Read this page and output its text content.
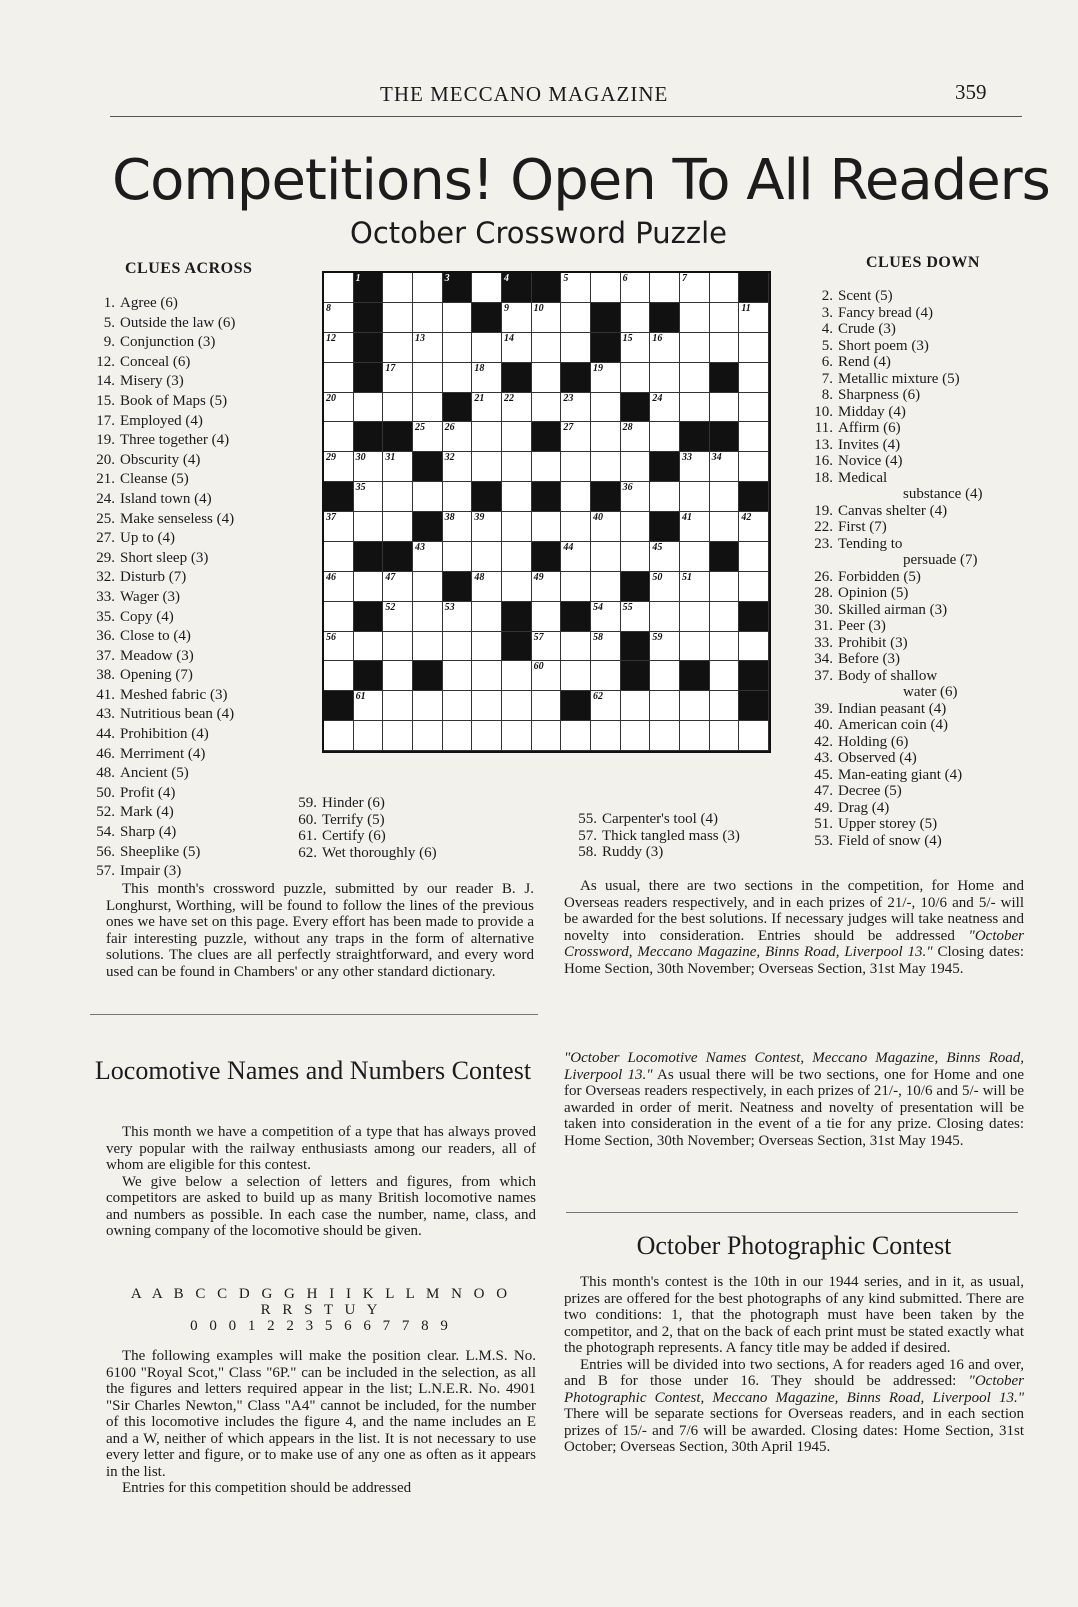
THE MECCANO MAGAZINE	359
Competitions! Open To All Readers
October Crossword Puzzle
CLUES ACROSS	CLUES DOWN
1. Agree (6)
5. Outside the law (6)
9. Conjunction (3)
12. Conceal (6)
14. Misery (3)
15. Book of Maps (5)
17. Employed (4)
19. Three together (4)
20. Obscurity (4)
21. Cleanse (5)
24. Island town (4)
25. Make senseless (4)
27. Up to (4)
29. Short sleep (3)
32. Disturb (7)
33. Wager (3)
35. Copy (4)
36. Close to (4)
37. Meadow (3)
38. Opening (7)
41. Meshed fabric (3)
43. Nutritious bean (4)
44. Prohibition (4)
46. Merriment (4)
48. Ancient (5)
50. Profit (4)
52. Mark (4)
54. Sharp (4)
56. Sheeplike (5)
57. Impair (3)
59. Hinder (6)
60. Terrify (5)
61. Certify (6)
62. Wet thoroughly (6)
55. Carpenter's tool (4)
57. Thick tangled mass (3)
58. Ruddy (3)
2. Scent (5)
3. Fancy bread (4)
4. Crude (3)
5. Short poem (3)
6. Rend (4)
7. Metallic mixture (5)
8. Sharpness (6)
10. Midday (4)
11. Affirm (6)
13. Invites (4)
16. Novice (4)
18. Medical
substance (4)
19. Canvas shelter (4)
22. First (7)
23. Tending to
persuade (7)
26. Forbidden (5)
28. Opinion (5)
30. Skilled airman (3)
31. Peer (3)
33. Prohibit (3)
34. Before (3)
37. Body of shallow
water (6)
39. Indian peasant (4)
40. American coin (4)
42. Holding (6)
43. Observed (4)
45. Man-eating giant (4)
47. Decree (5)
49. Drag (4)
51. Upper storey (5)
53. Field of snow (4)
1	3	4	5	6	7
8	9 10	11
12	13	14	15 16
17	18	19
20	21 22	23	24
25 26	27	28
29 30 31	32	33 34
35	36
37	38 39	40	41	42
43	44	45
46	47	48	49	50 51
52	53	54 55
56	57	58	59
60
61	62

This month's crossword puzzle, submitted by our reader B. J. Longhurst, Worthing, will be found to follow the lines of the previous ones we have set on this page. Every effort has been made to provide a fair interesting puzzle, without any traps in the form of alternative solutions. The clues are all perfectly straightforward, and every word used can be found in Chambers' or any other standard dictionary.

As usual, there are two sections in the competition, for Home and Overseas readers respectively, and in each prizes of 21/-, 10/6 and 5/- will be awarded for the best solutions. If necessary judges will take neatness and novelty into consideration. Entries should be addressed "October Crossword, Meccano Magazine, Binns Road, Liverpool 13." Closing dates: Home Section, 30th November; Overseas Section, 31st May 1945.

Locomotive Names and Numbers Contest

This month we have a competition of a type that has always proved very popular with the railway enthusiasts among our readers, all of whom are eligible for this contest.

We give below a selection of letters and figures, from which competitors are asked to build up as many British locomotive names and numbers as possible. In each case the number, name, class, and owning company of the locomotive should be given.

A A B C C D G G H I I K L L M N O O
R R S T U Y
0 0 0 1 2 2 3 5 6 6 7 7 8 9

The following examples will make the position clear. L.M.S. No. 6100 "Royal Scot," Class "6P." can be included in the selection, as all the figures and letters required appear in the list; L.N.E.R. No. 4901 "Sir Charles Newton," Class "A4" cannot be included, for the number of this locomotive includes the figure 4, and the name includes an E and a W, neither of which appears in the list. It is not necessary to use every letter and figure, or to make use of any one as often as it appears in the list.

Entries for this competition should be addressed

"October Locomotive Names Contest, Meccano Magazine, Binns Road, Liverpool 13." As usual there will be two sections, one for Home and one for Overseas readers respectively, in each prizes of 21/-, 10/6 and 5/- will be awarded in order of merit. Neatness and novelty of presentation will be taken into consideration in the event of a tie for any prize. Closing dates: Home Section, 30th November; Overseas Section, 31st May 1945.

October Photographic Contest

This month's contest is the 10th in our 1944 series, and in it, as usual, prizes are offered for the best photographs of any kind submitted. There are two conditions: 1, that the photograph must have been taken by the competitor, and 2, that on the back of each print must be stated exactly what the photograph represents. A fancy title may be added if desired.

Entries will be divided into two sections, A for readers aged 16 and over, and B for those under 16. They should be addressed: "October Photographic Contest, Meccano Magazine, Binns Road, Liverpool 13." There will be separate sections for Overseas readers, and in each section prizes of 15/- and 7/6 will be awarded. Closing dates: Home Section, 31st October; Overseas Section, 30th April 1945.
